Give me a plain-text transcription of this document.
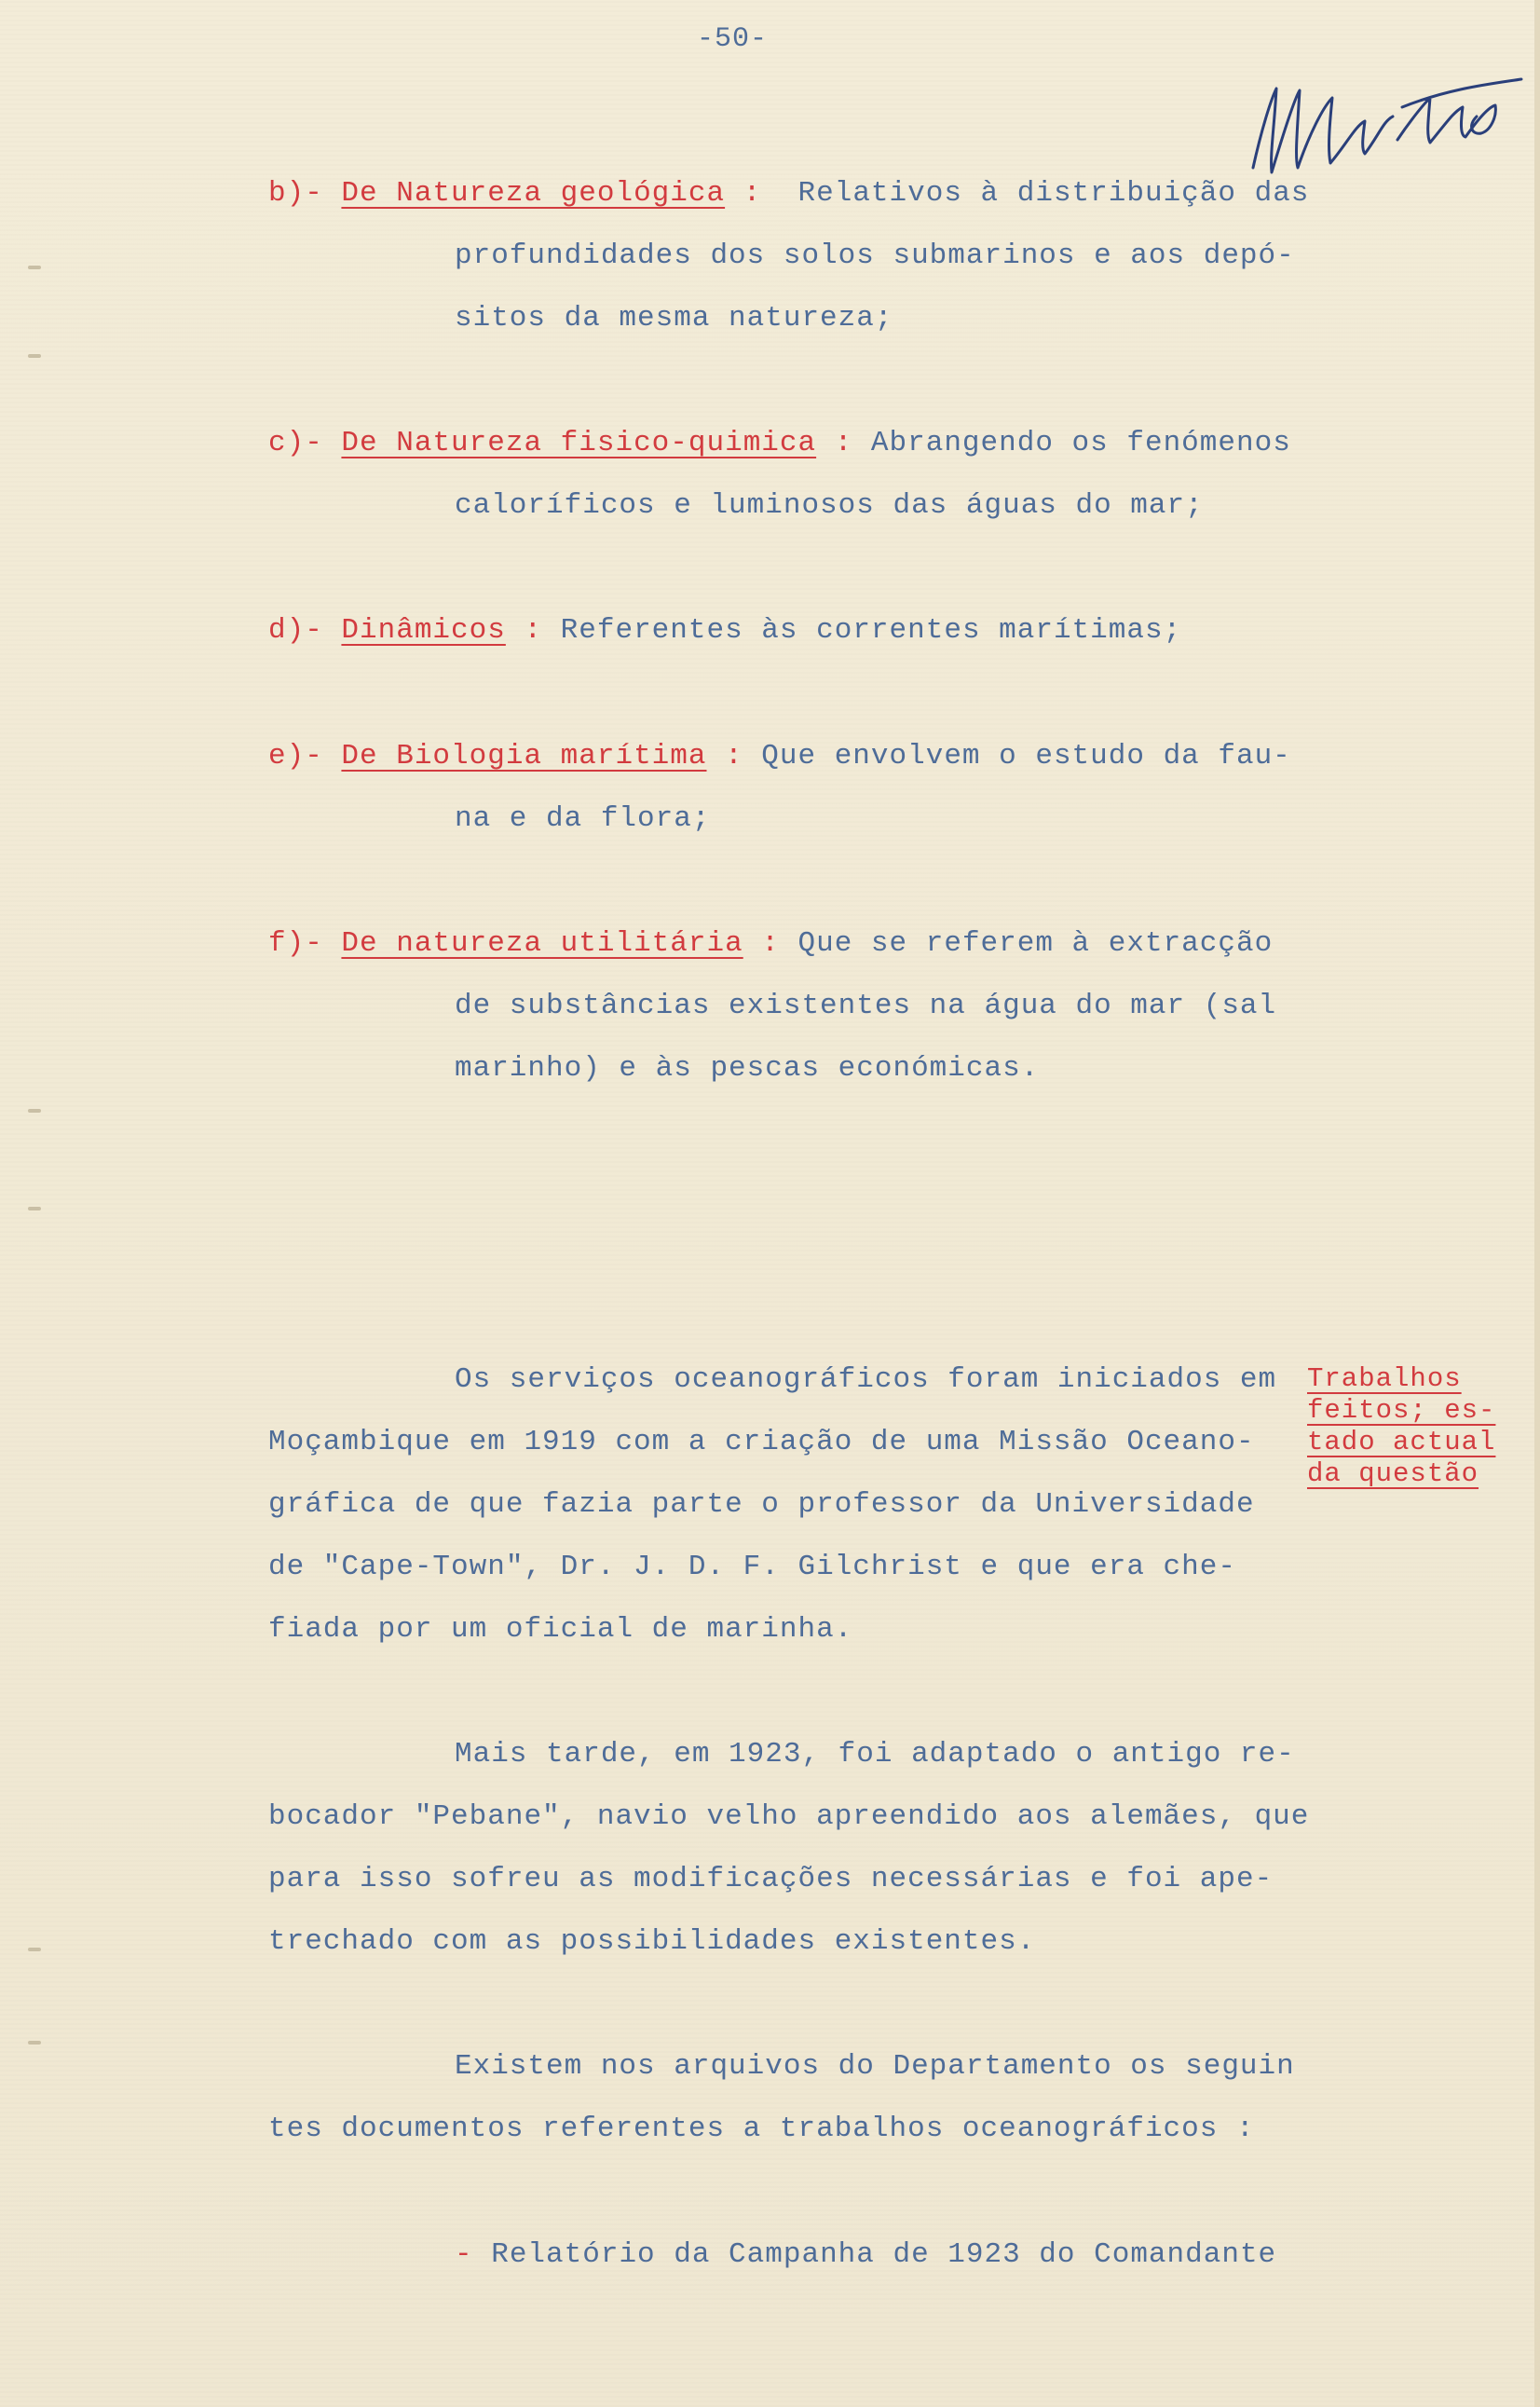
-50-
b)- De Natureza geológica :  Relativos à distribuição das
profundidades dos solos submarinos e aos depó-
sitos da mesma natureza;
c)- De Natureza fisico-quimica : Abrangendo os fenómenos
caloríficos e luminosos das águas do mar;
d)- Dinâmicos : Referentes às correntes marítimas;
e)- De Biologia marítima : Que envolvem o estudo da fau-
na e da flora;
f)- De natureza utilitária : Que se referem à extracção
de substâncias existentes na água do mar (sal
marinho) e às pescas económicas.
Os serviços oceanográficos foram iniciados em
Moçambique em 1919 com a criação de uma Missão Oceano-
gráfica de que fazia parte o professor da Universidade
de "Cape-Town", Dr. J. D. F. Gilchrist e que era che-
fiada por um oficial de marinha.
Trabalhos
feitos; es-
tado actual
da questão
Mais tarde, em 1923, foi adaptado o antigo re-
bocador "Pebane", navio velho apreendido aos alemães, que
para isso sofreu as modificações necessárias e foi ape-
trechado com as possibilidades existentes.
Existem nos arquivos do Departamento os seguin
tes documentos referentes a trabalhos oceanográficos :
- Relatório da Campanha de 1923 do Comandante
